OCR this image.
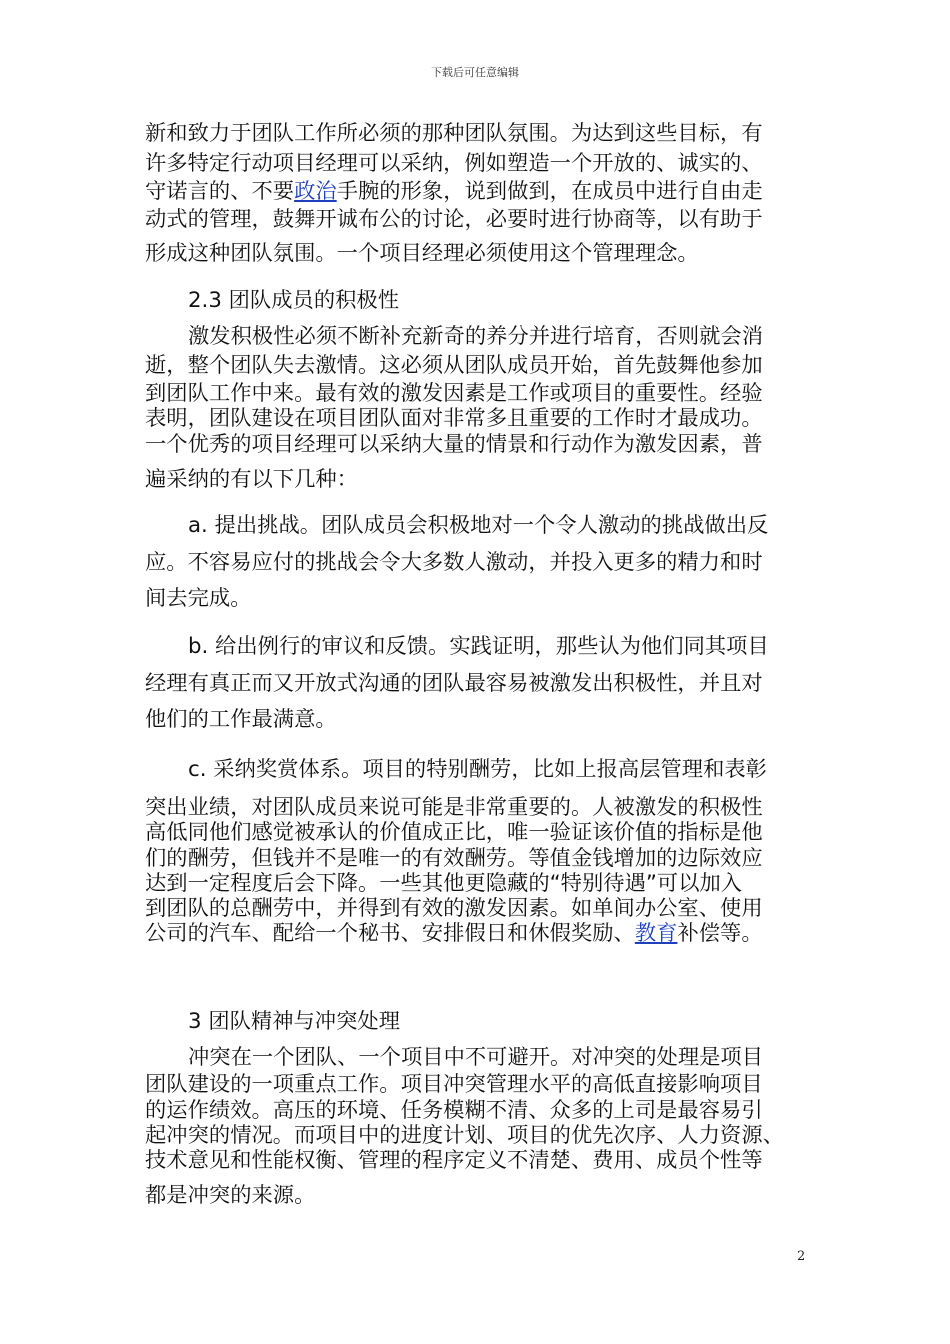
下载后可任意编辑
新和致力于团队工作所必须的那种团队氛围。为达到这些目标，有
许多特定行动项目经理可以采纳，例如塑造一个开放的、诚实的、
守诺言的、不要政治手腕的形象，说到做到，在成员中进行自由走
动式的管理，鼓舞开诚布公的讨论，必要时进行协商等，以有助于
形成这种团队氛围。一个项目经理必须使用这个管理理念。
2.3 团队成员的积极性
激发积极性必须不断补充新奇的养分并进行培育，否则就会消
逝，整个团队失去激情。这必须从团队成员开始，首先鼓舞他参加
到团队工作中来。最有效的激发因素是工作或项目的重要性。经验
表明，团队建设在项目团队面对非常多且重要的工作时才最成功。
一个优秀的项目经理可以采纳大量的情景和行动作为激发因素，普
遍采纳的有以下几种：
a. 提出挑战。团队成员会积极地对一个令人激动的挑战做出反
应。不容易应付的挑战会令大多数人激动，并投入更多的精力和时
间去完成。
b. 给出例行的审议和反馈。实践证明，那些认为他们同其项目
经理有真正而又开放式沟通的团队最容易被激发出积极性，并且对
他们的工作最满意。
c. 采纳奖赏体系。项目的特别酬劳，比如上报高层管理和表彰
突出业绩，对团队成员来说可能是非常重要的。人被激发的积极性
高低同他们感觉被承认的价值成正比，唯一验证该价值的指标是他
们的酬劳，但钱并不是唯一的有效酬劳。等值金钱增加的边际效应
达到一定程度后会下降。一些其他更隐藏的“特别待遇”可以加入
到团队的总酬劳中，并得到有效的激发因素。如单间办公室、使用
公司的汽车、配给一个秘书、安排假日和休假奖励、教育补偿等。
3 团队精神与冲突处理
冲突在一个团队、一个项目中不可避开。对冲突的处理是项目
团队建设的一项重点工作。项目冲突管理水平的高低直接影响项目
的运作绩效。高压的环境、任务模糊不清、众多的上司是最容易引
起冲突的情况。而项目中的进度计划、项目的优先次序、人力资源、
技术意见和性能权衡、管理的程序定义不清楚、费用、成员个性等
都是冲突的来源。
2
